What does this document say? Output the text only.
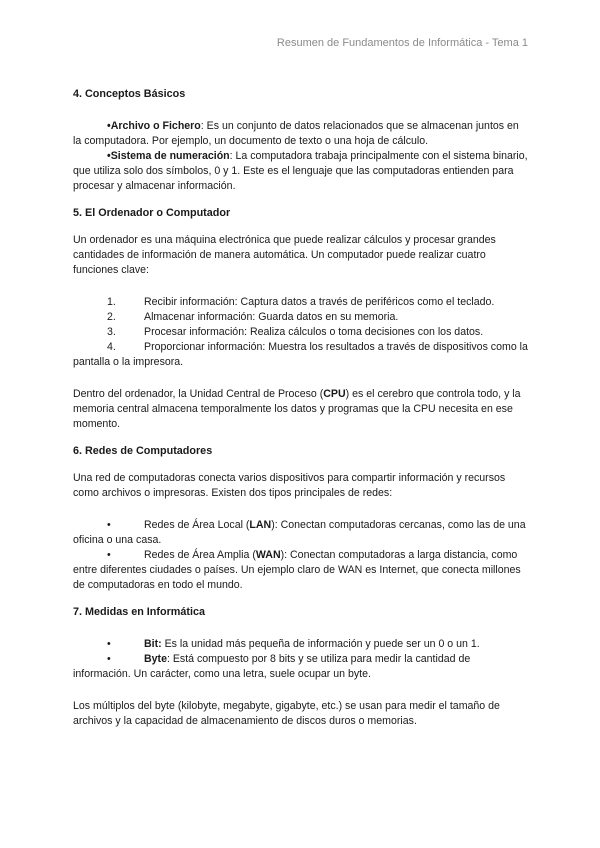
Resumen de Fundamentos de Informática - Tema 1
4. Conceptos Básicos

•Archivo o Fichero: Es un conjunto de datos relacionados que se almacenan juntos en la computadora. Por ejemplo, un documento de texto o una hoja de cálculo.

•Sistema de numeración: La computadora trabaja principalmente con el sistema binario, que utiliza solo dos símbolos, 0 y 1. Este es el lenguaje que las computadoras entienden para procesar y almacenar información.

5. El Ordenador o Computador

Un ordenador es una máquina electrónica que puede realizar cálculos y procesar grandes cantidades de información de manera automática. Un computador puede realizar cuatro funciones clave:

1.	Recibir información: Captura datos a través de periféricos como el teclado.

2.	Almacenar información: Guarda datos en su memoria.

3.	Procesar información: Realiza cálculos o toma decisiones con los datos.

4.	Proporcionar información: Muestra los resultados a través de dispositivos como la pantalla o la impresora.

Dentro del ordenador, la Unidad Central de Proceso (CPU) es el cerebro que controla todo, y la memoria central almacena temporalmente los datos y programas que la CPU necesita en ese momento.

6. Redes de Computadores

Una red de computadoras conecta varios dispositivos para compartir información y recursos como archivos o impresoras. Existen dos tipos principales de redes:

•	Redes de Área Local (LAN): Conectan computadoras cercanas, como las de una oficina o una casa.

•	Redes de Área Amplia (WAN): Conectan computadoras a larga distancia, como entre diferentes ciudades o países. Un ejemplo claro de WAN es Internet, que conecta millones de computadoras en todo el mundo.

7. Medidas en Informática

•	Bit: Es la unidad más pequeña de información y puede ser un 0 o un 1.

•	Byte: Está compuesto por 8 bits y se utiliza para medir la cantidad de información. Un carácter, como una letra, suele ocupar un byte.

Los múltiplos del byte (kilobyte, megabyte, gigabyte, etc.) se usan para medir el tamaño de archivos y la capacidad de almacenamiento de discos duros o memorias.
